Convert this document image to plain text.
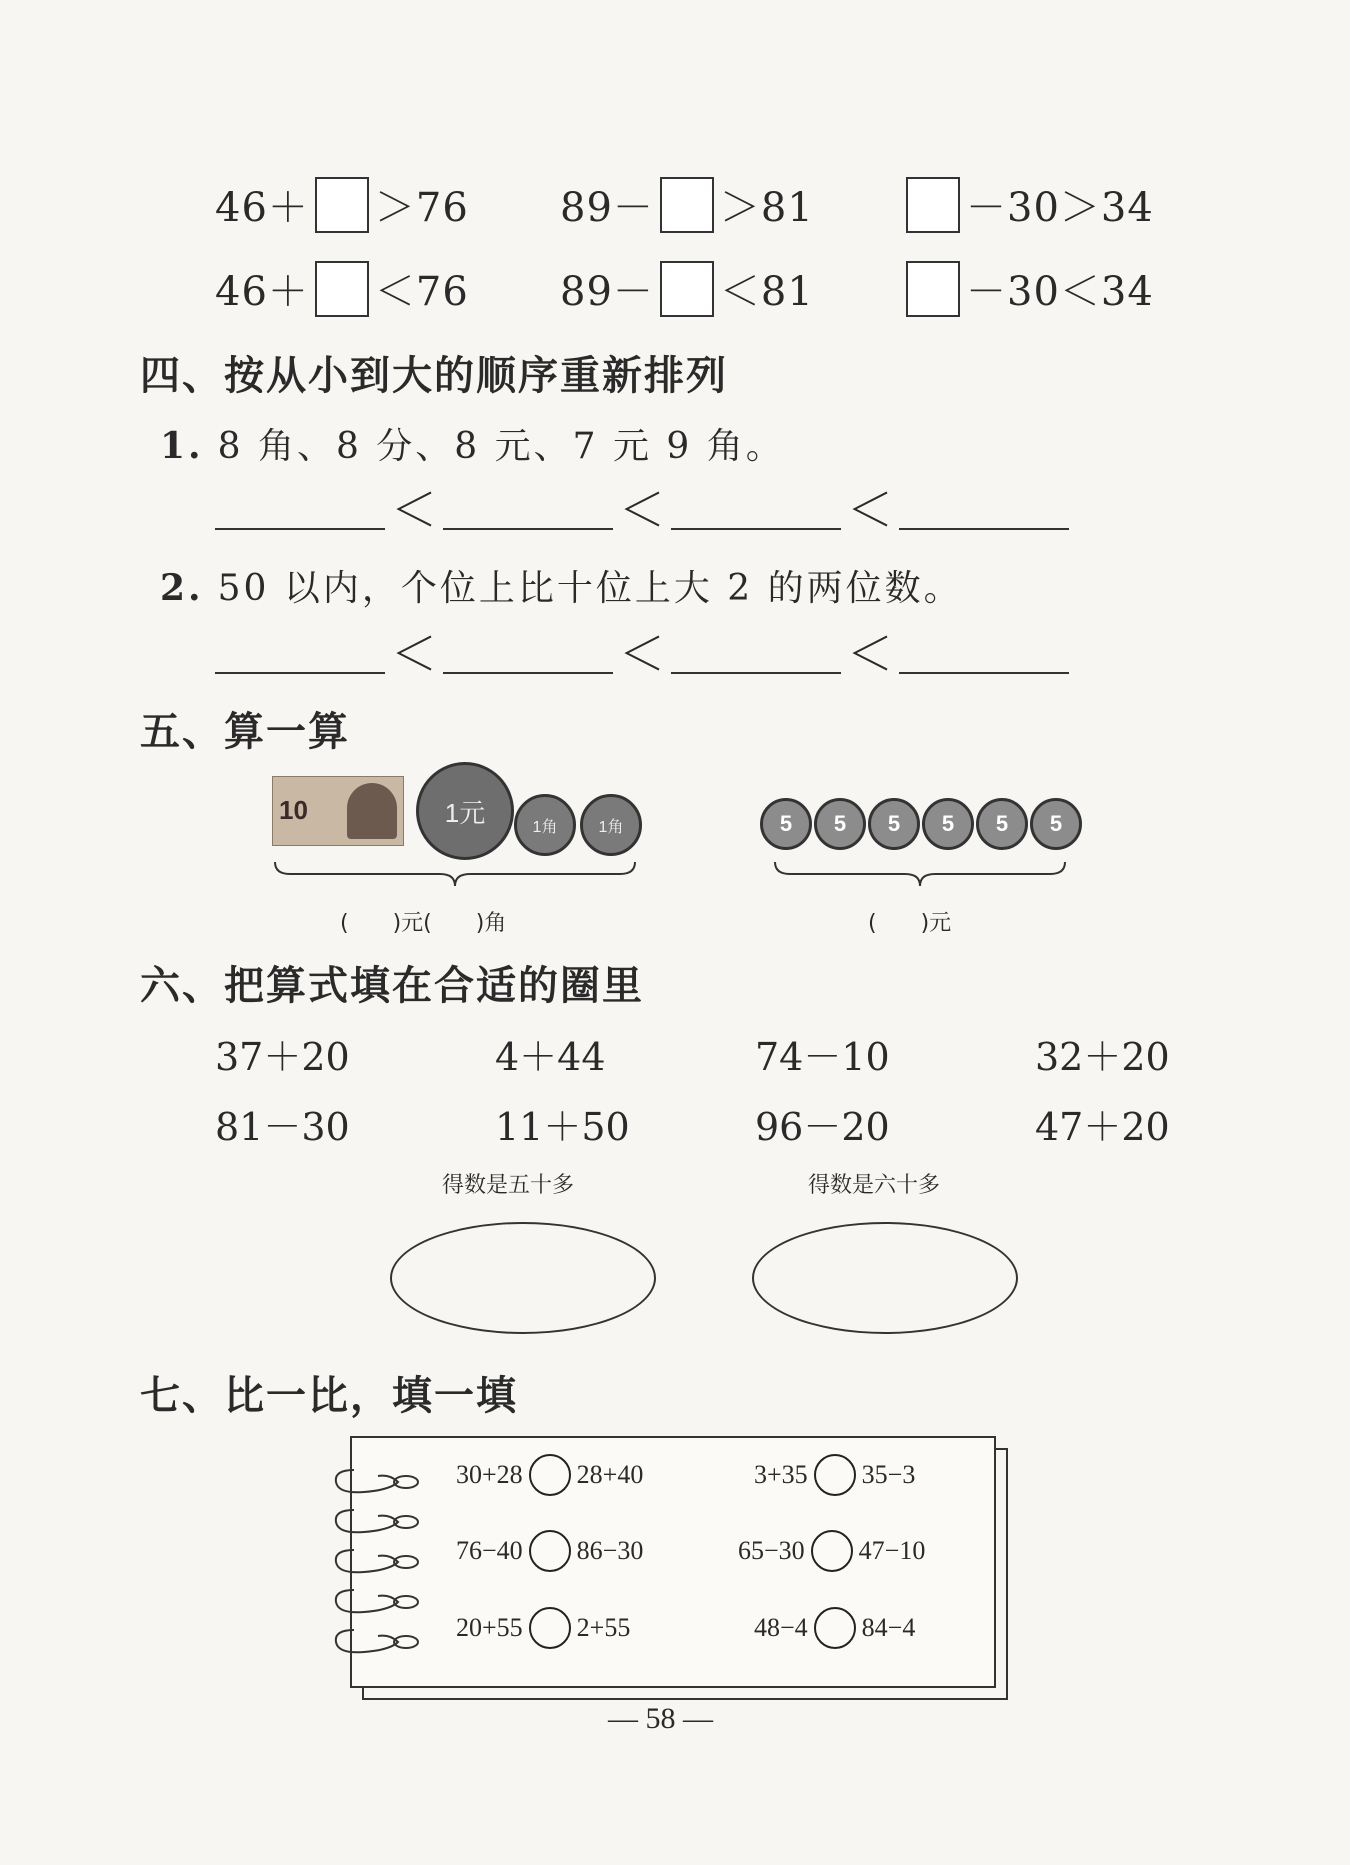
46＋ ＞76 89－ ＞81	－30＞34
46＋ ＜76 89－ ＜81	－30＜34
四、按从小到大的顺序重新排列
1. 8 角、8 分、8 元、7 元 9 角。
＜	＜	＜
2. 50 以内，个位上比十位上大 2 的两位数。
＜	＜	＜
五、算一算
10	1元	1角	1角
(　　)元(　　)角
5	5	5	5	5	5
(　　)元
六、把算式填在合适的圈里
37＋20	4＋44	74－10	32＋20
81－30	11＋50	96－20	47＋20
得数是五十多	得数是六十多
七、比一比，填一填
30+28 28+40	3+35 35−3
76−40 86−30	65−30 47−10
20+55 2+55	48−4 84−4
— 58 —
